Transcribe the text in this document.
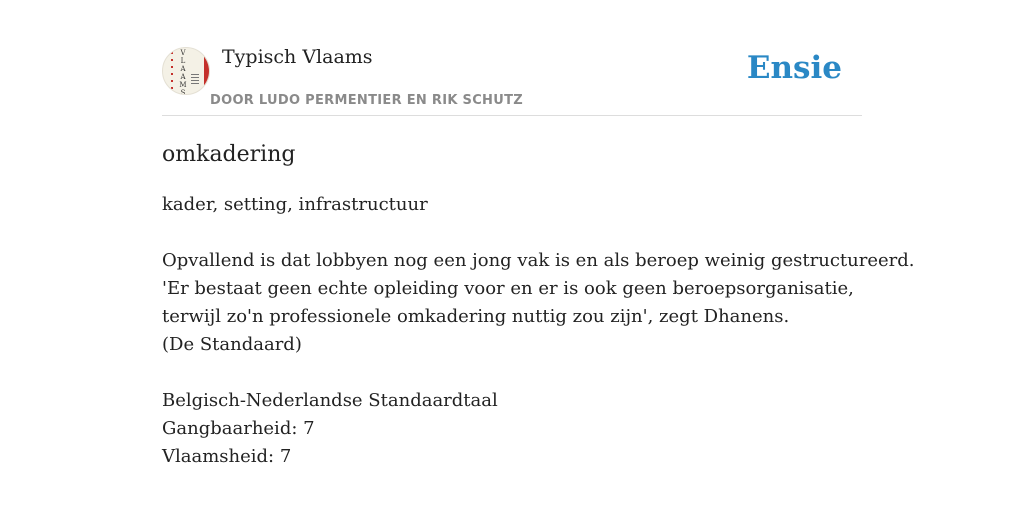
V
L
A
A
M
S
Typisch Vlaams
DOOR LUDO PERMENTIER EN RIK SCHUTZ
Ensie
omkadering
kader, setting, infrastructuur
Opvallend is dat lobbyen nog een jong vak is en als beroep weinig gestructureerd.
'Er bestaat geen echte opleiding voor en er is ook geen beroepsorganisatie,
terwijl zo'n professionele omkadering nuttig zou zijn', zegt Dhanens.
(De Standaard)
Belgisch-Nederlandse Standaardtaal
Gangbaarheid: 7
Vlaamsheid: 7
